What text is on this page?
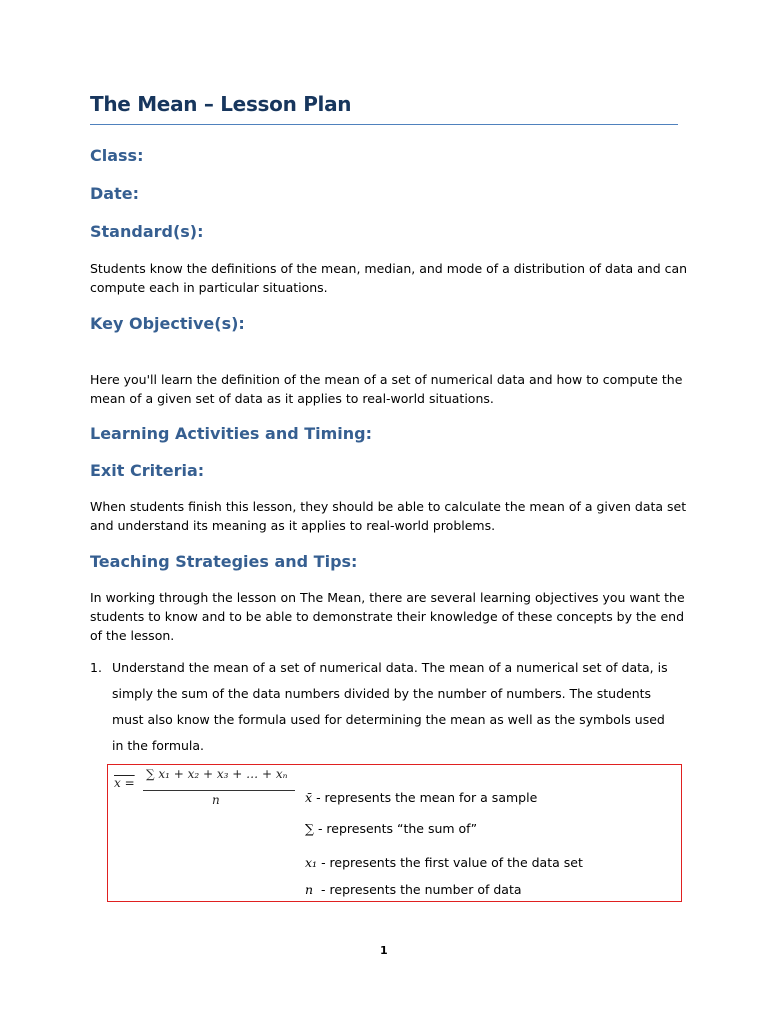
The Mean – Lesson Plan
Class:
Date:
Standard(s):
Students know the definitions of the mean, median, and mode of a distribution of data and can compute each in particular situations.
Key Objective(s):
Here you'll learn the definition of the mean of a set of numerical data and how to compute the mean of a given set of data as it applies to real-world situations.
Learning Activities and Timing:
Exit Criteria:
When students finish this lesson, they should be able to calculate the mean of a given data set and understand its meaning as it applies to real-world problems.
Teaching Strategies and Tips:
In working through the lesson on The Mean, there are several learning objectives you want the students to know and to be able to demonstrate their knowledge of these concepts by the end of the lesson.
1. Understand the mean of a set of numerical data. The mean of a numerical set of data, is simply the sum of the data numbers divided by the number of numbers. The students must also know the formula used for determining the mean as well as the symbols used in the formula.
x =
∑ x₁ + x₂ + x₃ + … + xₙ
n	x̄ - represents the mean for a sample
∑ - represents “the sum of”
x₁ - represents the first value of the data set
n - represents the number of data
1
